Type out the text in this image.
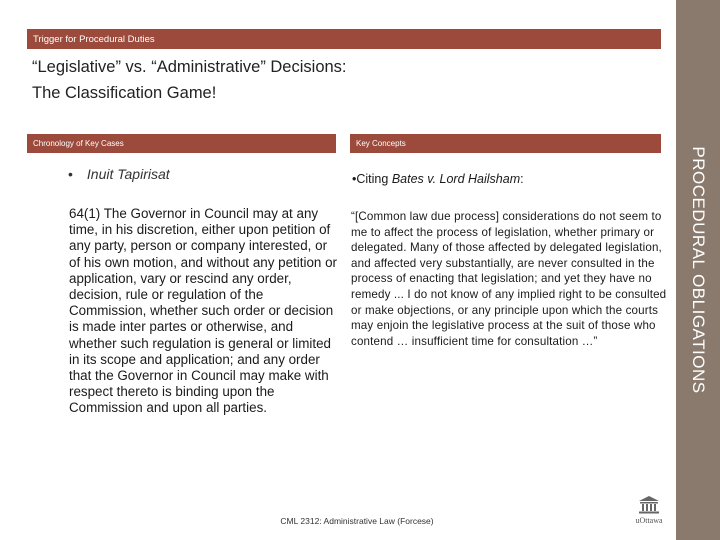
PROCEDURAL OBLIGATIONS
Trigger for Procedural Duties
“Legislative” vs. “Administrative” Decisions:
The Classification Game!
Chronology of Key Cases	Key Concepts
• Inuit Tapirisat
64(1) The Governor in Council may at any time, in his discretion, either upon petition of any party, person or company interested, or of his own motion, and without any petition or application, vary or rescind any order, decision, rule or regulation of the Commission, whether such order or decision is made inter partes or otherwise, and whether such regulation is general or limited in its scope and application; and any order that the Governor in Council may make with respect thereto is binding upon the Commission and upon all parties.
•Citing Bates v. Lord Hailsham:
“[Common law due process] considerations do not seem to me to affect the process of legislation, whether primary or delegated. Many of those affected by delegated legislation, and affected very substantially, are never consulted in the process of enacting that legislation; and yet they have no remedy ... I do not know of any implied right to be consulted or make objections, or any principle upon which the courts may enjoin the legislative process at the suit of those who contend … insufficient time for consultation …”
CML 2312: Administrative Law (Forcese)	uOttawa
